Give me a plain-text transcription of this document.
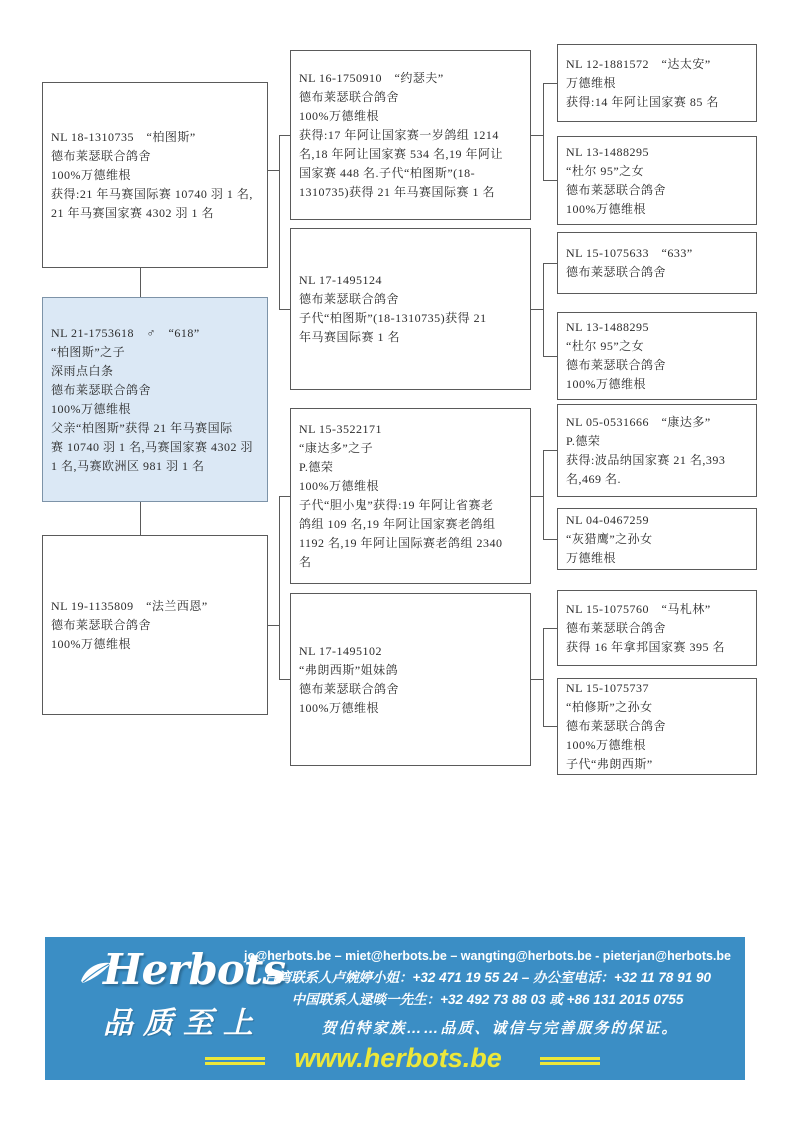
NL 18-1310735　“柏图斯”
德布莱瑟联合鸽舍
100%万德维根
获得:21 年马赛国际赛 10740 羽 1 名,
21 年马赛国家赛 4302 羽 1 名
NL 21-1753618　♂　“618”
“柏图斯”之子
深雨点白条
德布莱瑟联合鸽舍
100%万德维根
父亲“柏图斯”获得 21 年马赛国际
赛 10740 羽 1 名,马赛国家赛 4302 羽
1 名,马赛欧洲区 981 羽 1 名
NL 19-1135809　“法兰西恩”
德布莱瑟联合鸽舍
100%万德维根
NL 16-1750910　“约瑟夫”
德布莱瑟联合鸽舍
100%万德维根
获得:17 年阿让国家赛一岁鸽组 1214
名,18 年阿让国家赛 534 名,19 年阿让
国家赛 448 名.子代“柏图斯”(18-
1310735)获得 21 年马赛国际赛 1 名
NL 17-1495124
德布莱瑟联合鸽舍
子代“柏图斯”(18-1310735)获得 21
年马赛国际赛 1 名
NL 15-3522171
“康达多”之子
P.德荣
100%万德维根
子代“胆小鬼”获得:19 年阿让省赛老
鸽组 109 名,19 年阿让国家赛老鸽组
1192 名,19 年阿让国际赛老鸽组 2340
名
NL 17-1495102
“弗朗西斯”姐妹鸽
德布莱瑟联合鸽舍
100%万德维根
NL 12-1881572　“达太安”
万德维根
获得:14 年阿让国家赛 85 名
NL 13-1488295
“杜尔 95”之女
德布莱瑟联合鸽舍
100%万德维根
NL 15-1075633　“633”
德布莱瑟联合鸽舍
NL 13-1488295
“杜尔 95”之女
德布莱瑟联合鸽舍
100%万德维根
NL 05-0531666　“康达多”
P.德荣
获得:波品纳国家赛 21 名,393
名,469 名.
NL 04-0467259
“灰猎鹰”之孙女
万德维根
NL 15-1075760　“马札林”
德布莱瑟联合鸽舍
获得 16 年拿邦国家赛 395 名
NL 15-1075737
“柏修斯”之孙女
德布莱瑟联合鸽舍
100%万德维根
子代“弗朗西斯”
Herbots
品质至上
jo@herbots.be – miet@herbots.be – wangting@herbots.be - pieterjan@herbots.be
台湾联系人卢婉婷小姐：+32 471 19 55 24 – 办公室电话：+32 11 78 91 90
中国联系人逯晱一先生：+32 492 73 88 03 或 +86 131 2015 0755
贺伯特家族……品质、诚信与完善服务的保证。
www.herbots.be
